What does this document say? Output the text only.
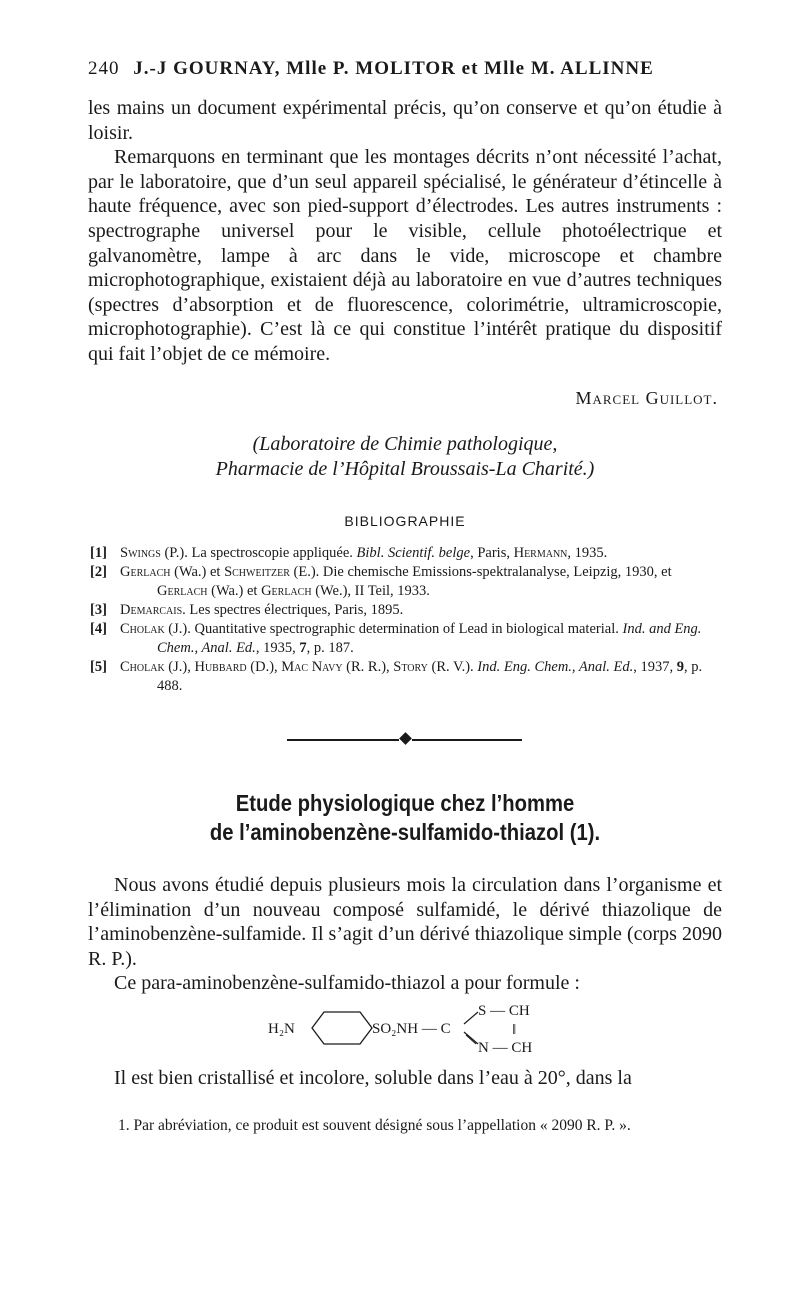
240 J.-J GOURNAY, Mlle P. MOLITOR et Mlle M. ALLINNE

les mains un document expérimental précis, qu’on conserve et qu’on étudie à loisir.

Remarquons en terminant que les montages décrits n’ont nécessité l’achat, par le laboratoire, que d’un seul appareil spécialisé, le générateur d’étincelle à haute fréquence, avec son pied-support d’électrodes. Les autres instruments : spectrographe universel pour le visible, cellule photoélectrique et galvanomètre, lampe à arc dans le vide, microscope et chambre microphotographique, existaient déjà au laboratoire en vue d’autres techniques (spectres d’absorption et de fluorescence, colorimétrie, ultramicroscopie, microphotographie). C’est là ce qui constitue l’intérêt pratique du dispositif qui fait l’objet de ce mémoire.

Marcel Guillot.
(Laboratoire de Chimie pathologique,
Pharmacie de l’Hôpital Broussais-La Charité.)
BIBLIOGRAPHIE
[1] Swings (P.). La spectroscopie appliquée. Bibl. Scientif. belge, Paris, Hermann, 1935.
[2] Gerlach (Wa.) et Schweitzer (E.). Die chemische Emissions-spektralanalyse, Leipzig, 1930, et Gerlach (Wa.) et Gerlach (We.), II Teil, 1933.
[3] Demarcais. Les spectres électriques, Paris, 1895.
[4] Cholak (J.). Quantitative spectrographic determination of Lead in biological material. Ind. and Eng. Chem., Anal. Ed., 1935, 7, p. 187.
[5] Cholak (J.), Hubbard (D.), Mac Navy (R. R.), Story (R. V.). Ind. Eng. Chem., Anal. Ed., 1937, 9, p. 488.
Etude physiologique chez l’homme
de l’aminobenzène-sulfamido-thiazol (1).

Nous avons étudié depuis plusieurs mois la circulation dans l’organisme et l’élimination d’un nouveau composé sulfamidé, le dérivé thiazolique de l’aminobenzène-sulfamide. Il s’agit d’un dérivé thiazolique simple (corps 2090 R. P.).

Ce para-aminobenzène-sulfamido-thiazol a pour formule :

H₂N	SO₂NH — C
S — CH
‖
N — CH

Il est bien cristallisé et incolore, soluble dans l’eau à 20°, dans la

1. Par abréviation, ce produit est souvent désigné sous l’appellation « 2090 R. P. ».
